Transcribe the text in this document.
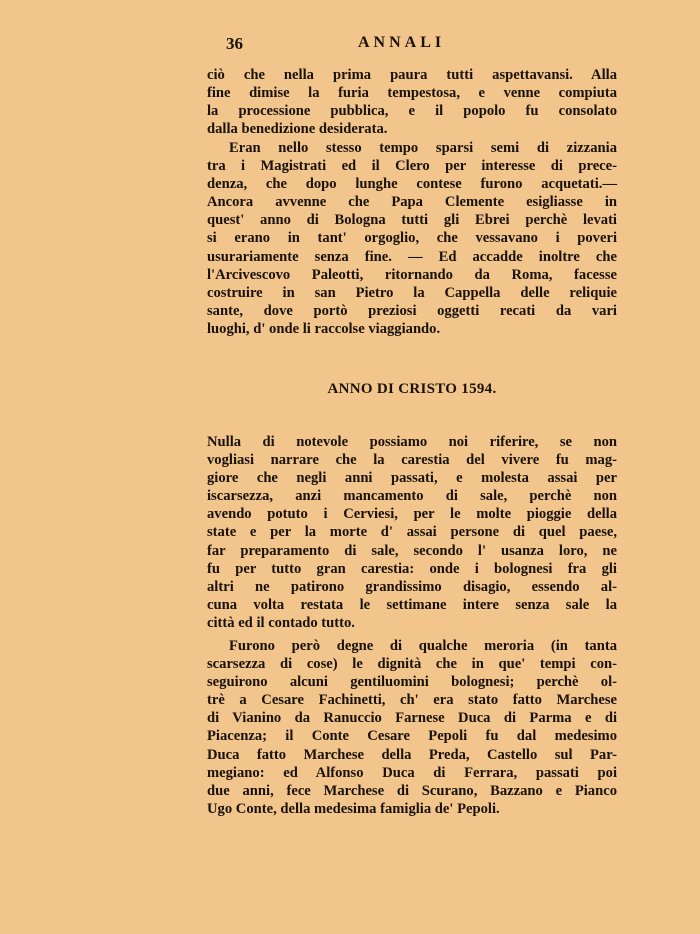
36	ANNALI
ciò che nella prima paura tutti aspettavansi. Alla
fine dimise la furia tempestosa, e venne compiuta
la processione pubblica, e il popolo fu consolato
dalla benedizione desiderata.
Eran nello stesso tempo sparsi semi di zizzania
tra i Magistrati ed il Clero per interesse di prece-
denza, che dopo lunghe contese furono acquetati.—
Ancora avvenne che Papa Clemente esigliasse in
quest' anno di Bologna tutti gli Ebrei perchè levati
si erano in tant' orgoglio, che vessavano i poveri
usurariamente senza fine. — Ed accadde inoltre che
l'Arcivescovo Paleotti, ritornando da Roma, facesse
costruire in san Pietro la Cappella delle reliquie
sante, dove portò preziosi oggetti recati da vari
luoghi, d' onde li raccolse viaggiando.
ANNO DI CRISTO 1594.
Nulla di notevole possiamo noi riferire, se non
vogliasi narrare che la carestia del vivere fu mag-
giore che negli anni passati, e molesta assai per
iscarsezza, anzi mancamento di sale, perchè non
avendo potuto i Cerviesi, per le molte pioggie della
state e per la morte d' assai persone di quel paese,
far preparamento di sale, secondo l' usanza loro, ne
fu per tutto gran carestia: onde i bolognesi fra gli
altri ne patirono grandissimo disagio, essendo al-
cuna volta restata le settimane intere senza sale la
città ed il contado tutto.
Furono però degne di qualche meroria (in tanta
scarsezza di cose) le dignità che in que' tempi con-
seguirono alcuni gentiluomini bolognesi; perchè ol-
trè a Cesare Fachinetti, ch' era stato fatto Marchese
di Vianino da Ranuccio Farnese Duca di Parma e di
Piacenza; il Conte Cesare Pepoli fu dal medesimo
Duca fatto Marchese della Preda, Castello sul Par-
megiano: ed Alfonso Duca di Ferrara, passati poi
due anni, fece Marchese di Scurano, Bazzano e Pianco
Ugo Conte, della medesima famiglia de' Pepoli.
